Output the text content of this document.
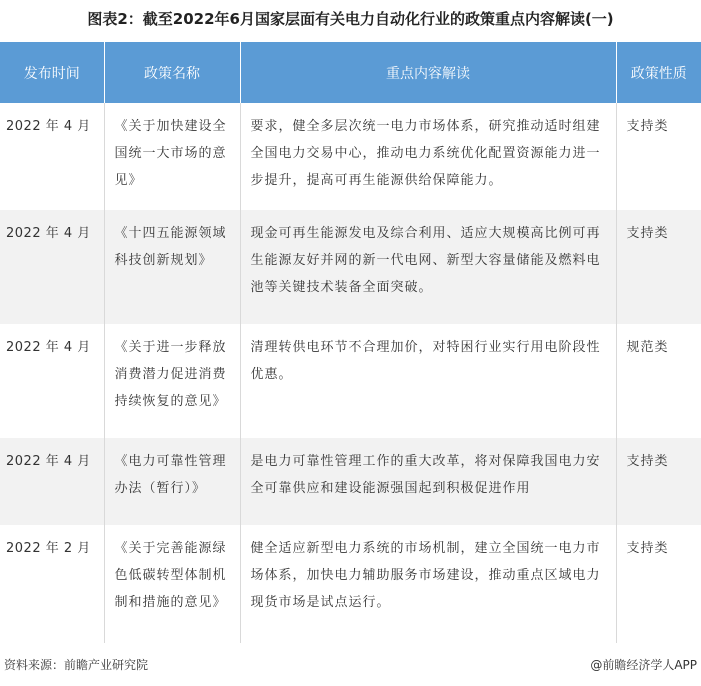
图表2：截至2022年6月国家层面有关电力自动化行业的政策重点内容解读(一)
发布时间	政策名称	重点内容解读	政策性质
2022 年 4 月	《关于加快建设全国统一大市场的意见》	要求，健全多层次统一电力市场体系，研究推动适时组建全国电力交易中心，推动电力系统优化配置资源能力进一步提升，提高可再生能源供给保障能力。	支持类
2022 年 4 月	《十四五能源领域科技创新规划》	现金可再生能源发电及综合利用、适应大规模高比例可再生能源友好并网的新一代电网、新型大容量储能及燃料电池等关键技术装备全面突破。	支持类
2022 年 4 月	《关于进一步释放消费潜力促进消费持续恢复的意见》	清理转供电环节不合理加价，对特困行业实行用电阶段性优惠。	规范类
2022 年 4 月	《电力可靠性管理办法（暂行）》	是电力可靠性管理工作的重大改革，将对保障我国电力安全可靠供应和建设能源强国起到积极促进作用	支持类
2022 年 2 月	《关于完善能源绿色低碳转型体制机制和措施的意见》	健全适应新型电力系统的市场机制，建立全国统一电力市场体系，加快电力辅助服务市场建设，推动重点区域电力现货市场是试点运行。	支持类
资料来源：前瞻产业研究院	@前瞻经济学人APP
